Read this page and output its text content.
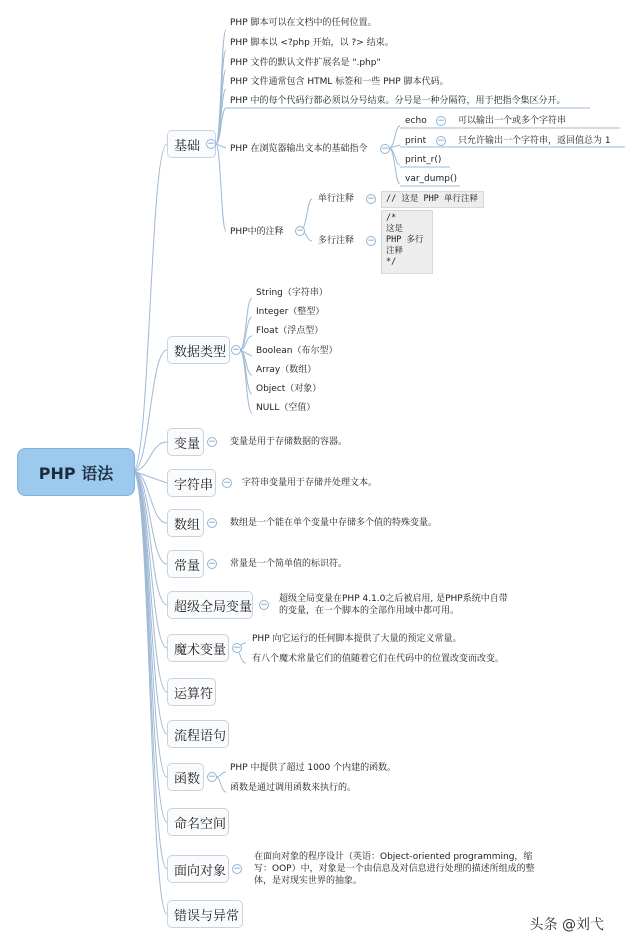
PHP 语法
基础 −
数据类型 −
变量 −
字符串	−
数组 −
常量 −
超级全局变量 −
魔术变量 −
运算符
流程语句
函数 −
命名空间
面向对象 −
错误与异常
PHP 脚本可以在文档中的任何位置。
PHP 脚本以 <?php 开始，以 ?> 结束。
PHP 文件的默认文件扩展名是 ".php"
PHP 文件通常包含 HTML 标签和一些 PHP 脚本代码。
PHP 中的每个代码行都必须以分号结束。分号是一种分隔符，用于把指令集区分开。
PHP 在浏览器输出文本的基础指令 −
echo − 可以输出一个或多个字符串
print − 只允许输出一个字符串，返回值总为 1
print_r()
var_dump()
PHP中的注释 −
单行注释 −	// 这是 PHP 单行注释
多行注释 −
/*
这是
PHP 多行
注释
*/
String（字符串）
Integer（整型）
Float（浮点型）
Boolean（布尔型）
Array（数组）
Object（对象）
NULL（空值）
变量是用于存储数据的容器。
字符串变量用于存储并处理文本。
数组是一个能在单个变量中存储多个值的特殊变量。
常量是一个简单值的标识符。
超级全局变量在PHP 4.1.0之后被启用, 是PHP系统中自带的变量，在一个脚本的全部作用域中都可用。
PHP 向它运行的任何脚本提供了大量的预定义常量。
有八个魔术常量它们的值随着它们在代码中的位置改变而改变。
PHP 中提供了超过 1000 个内建的函数。
函数是通过调用函数来执行的。
在面向对象的程序设计（英语：Object-oriented programming，缩写：OOP）中，对象是一个由信息及对信息进行处理的描述所组成的整体，是对现实世界的抽象。
头条 @刘弋
